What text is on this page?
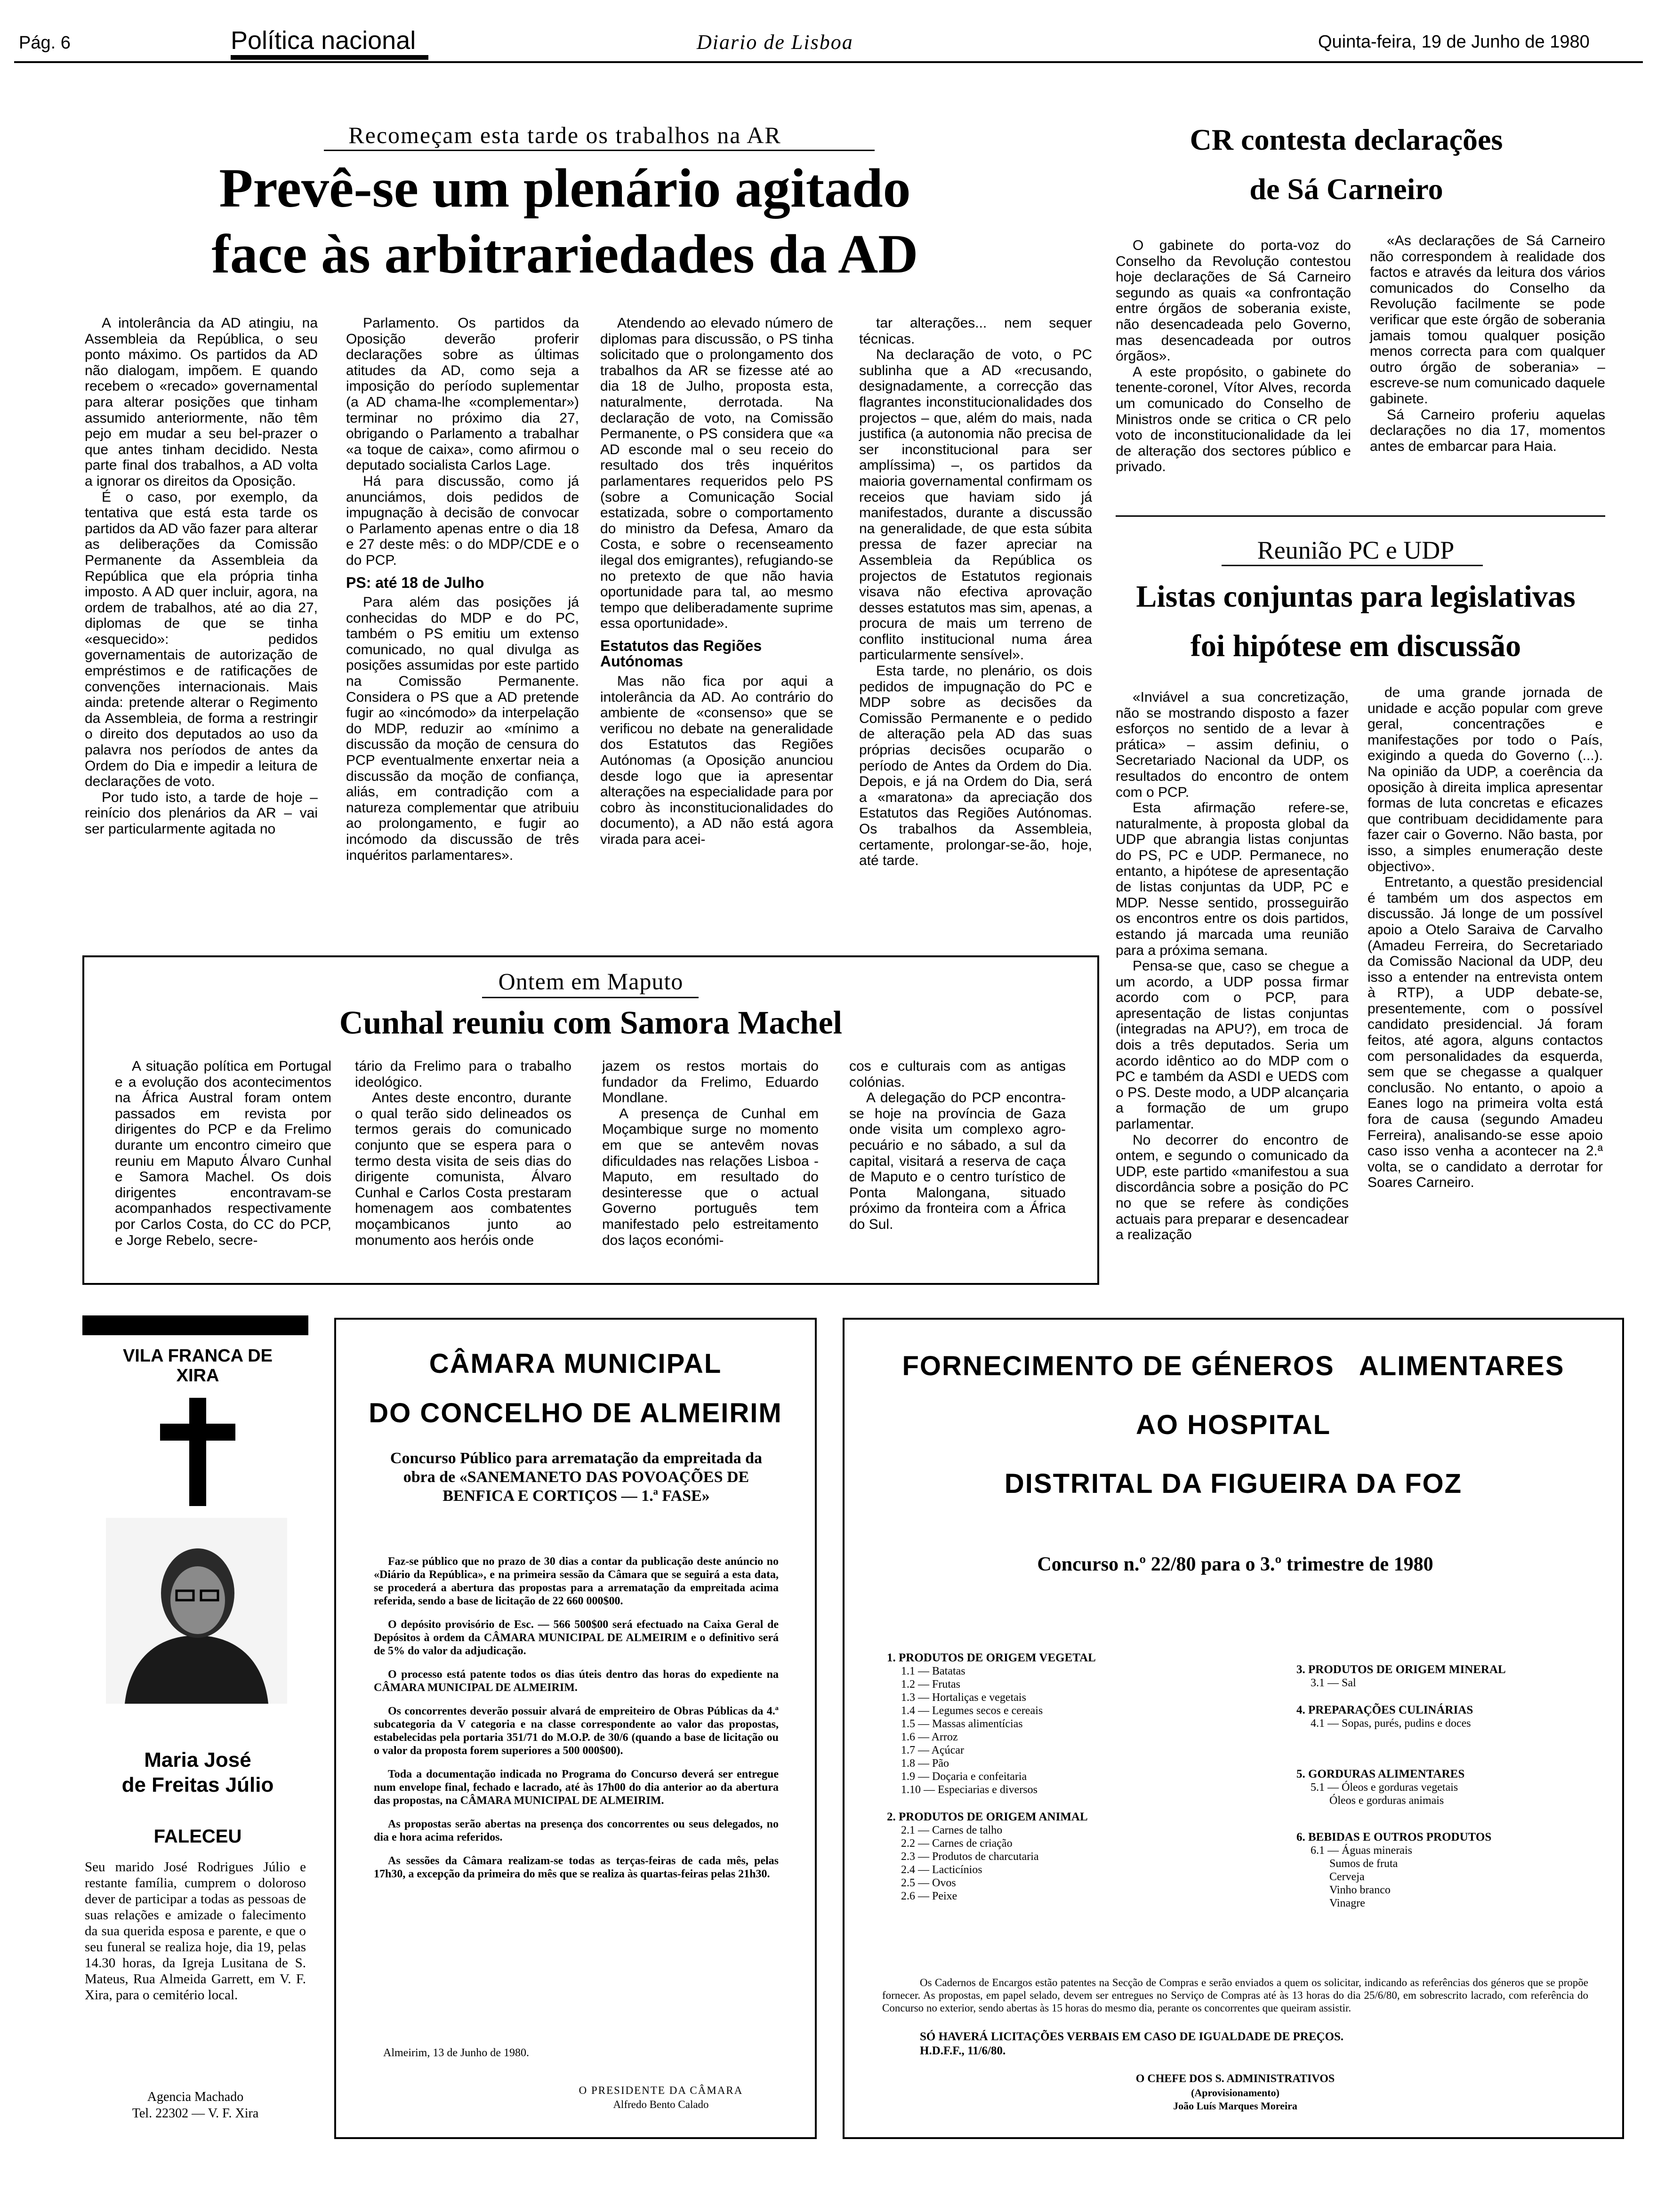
Pág. 6	Política nacional	Diario de Lisboa	Quinta-feira, 19 de Junho de 1980
Recomeçam esta tarde os trabalhos na AR
Prevê-se um plenário agitado
face às arbitrariedades da AD

A intolerância da AD atingiu, na Assembleia da República, o seu ponto máximo. Os partidos da AD não dialogam, impõem. E quando recebem o «recado» governamental para alterar posições que tinham assumido anteriormente, não têm pejo em mudar a seu bel-prazer o que antes tinham decidido. Nesta parte final dos trabalhos, a AD volta a ignorar os direitos da Oposição.

É o caso, por exemplo, da tentativa que está esta tarde os partidos da AD vão fazer para alterar as deliberações da Comissão Permanente da Assembleia da República que ela própria tinha imposto. A AD quer incluir, agora, na ordem de trabalhos, até ao dia 27, diplomas de que se tinha «esquecido»: pedidos governamentais de autorização de empréstimos e de ratificações de convenções internacionais. Mais ainda: pretende alterar o Regimento da Assembleia, de forma a restringir o direito dos deputados ao uso da palavra nos períodos de antes da Ordem do Dia e impedir a leitura de declarações de voto.

Por tudo isto, a tarde de hoje – reinício dos plenários da AR – vai ser particularmente agitada no

Parlamento. Os partidos da Oposição deverão proferir declarações sobre as últimas atitudes da AD, como seja a imposição do período suplementar (a AD chama-lhe «complementar») terminar no próximo dia 27, obrigando o Parlamento a trabalhar «a toque de caixa», como afirmou o deputado socialista Carlos Lage.

Há para discussão, como já anunciámos, dois pedidos de impugnação à decisão de convocar o Parlamento apenas entre o dia 18 e 27 deste mês: o do MDP/CDE e o do PCP.

PS: até 18 de Julho

Para além das posições já conhecidas do MDP e do PC, também o PS emitiu um extenso comunicado, no qual divulga as posições assumidas por este partido na Comissão Permanente. Considera o PS que a AD pretende fugir ao «incómodo» da interpelação do MDP, reduzir ao «mínimo a discussão da moção de censura do PCP eventualmente enxertar neia a discussão da moção de confiança, aliás, em contradição com a natureza complementar que atribuiu ao prolongamento, e fugir ao incómodo da discussão de três inquéritos parlamentares».

Atendendo ao elevado número de diplomas para discussão, o PS tinha solicitado que o prolongamento dos trabalhos da AR se fizesse até ao dia 18 de Julho, proposta esta, naturalmente, derrotada. Na declaração de voto, na Comissão Permanente, o PS considera que «a AD esconde mal o seu receio do resultado dos três inquéritos parlamentares requeridos pelo PS (sobre a Comunicação Social estatizada, sobre o comportamento do ministro da Defesa, Amaro da Costa, e sobre o recenseamento ilegal dos emigrantes), refugiando-se no pretexto de que não havia oportunidade para tal, ao mesmo tempo que deliberadamente suprime essa oportunidade».

Estatutos das Regiões Autónomas

Mas não fica por aqui a intolerância da AD. Ao contrário do ambiente de «consenso» que se verificou no debate na generalidade dos Estatutos das Regiões Autónomas (a Oposição anunciou desde logo que ia apresentar alterações na especialidade para por cobro às inconstitucionalidades do documento), a AD não está agora virada para acei-

tar alterações... nem sequer técnicas.

Na declaração de voto, o PC sublinha que a AD «recusando, designadamente, a correcção das flagrantes inconstitucionalidades dos projectos – que, além do mais, nada justifica (a autonomia não precisa de ser inconstitucional para ser amplíssima) –, os partidos da maioria governamental confirmam os receios que haviam sido já manifestados, durante a discussão na generalidade, de que esta súbita pressa de fazer apreciar na Assembleia da República os projectos de Estatutos regionais visava não efectiva aprovação desses estatutos mas sim, apenas, a procura de mais um terreno de conflito institucional numa área particularmente sensível».

Esta tarde, no plenário, os dois pedidos de impugnação do PC e MDP sobre as decisões da Comissão Permanente e o pedido de alteração pela AD das suas próprias decisões ocuparão o período de Antes da Ordem do Dia. Depois, e já na Ordem do Dia, será a «maratona» da apreciação dos Estatutos das Regiões Autónomas. Os trabalhos da Assembleia, certamente, prolongar-se-ão, hoje, até tarde.

CR contesta declarações
de Sá Carneiro

O gabinete do porta-voz do Conselho da Revolução contestou hoje declarações de Sá Carneiro segundo as quais «a confrontação entre órgãos de soberania existe, não desencadeada pelo Governo, mas desencadeada por outros órgãos».

A este propósito, o gabinete do tenente-coronel, Vítor Alves, recorda um comunicado do Conselho de Ministros onde se critica o CR pelo voto de inconstitucionalidade da lei de alteração dos sectores público e privado.

«As declarações de Sá Carneiro não correspondem à realidade dos factos e através da leitura dos vários comunicados do Conselho da Revolução facilmente se pode verificar que este órgão de soberania jamais tomou qualquer posição menos correcta para com qualquer outro órgão de soberania» – escreve-se num comunicado daquele gabinete.

Sá Carneiro proferiu aquelas declarações no dia 17, momentos antes de embarcar para Haia.

Reunião PC e UDP
Listas conjuntas para legislativas
foi hipótese em discussão

«Inviável a sua concretização, não se mostrando disposto a fazer esforços no sentido de a levar à prática» – assim definiu, o Secretariado Nacional da UDP, os resultados do encontro de ontem com o PCP.

Esta afirmação refere-se, naturalmente, à proposta global da UDP que abrangia listas conjuntas do PS, PC e UDP. Permanece, no entanto, a hipótese de apresentação de listas conjuntas da UDP, PC e MDP. Nesse sentido, prosseguirão os encontros entre os dois partidos, estando já marcada uma reunião para a próxima semana.

Pensa-se que, caso se chegue a um acordo, a UDP possa firmar acordo com o PCP, para apresentação de listas conjuntas (integradas na APU?), em troca de dois a três deputados. Seria um acordo idêntico ao do MDP com o PC e também da ASDI e UEDS com o PS. Deste modo, a UDP alcançaria a formação de um grupo parlamentar.

No decorrer do encontro de ontem, e segundo o comunicado da UDP, este partido «manifestou a sua discordância sobre a posição do PC no que se refere às condições actuais para preparar e desencadear a realização

de uma grande jornada de unidade e acção popular com greve geral, concentrações e manifestações por todo o País, exigindo a queda do Governo (...). Na opinião da UDP, a coerência da oposição à direita implica apresentar formas de luta concretas e eficazes que contribuam decididamente para fazer cair o Governo. Não basta, por isso, a simples enumeração deste objectivo».

Entretanto, a questão presidencial é também um dos aspectos em discussão. Já longe de um possível apoio a Otelo Saraiva de Carvalho (Amadeu Ferreira, do Secretariado da Comissão Nacional da UDP, deu isso a entender na entrevista ontem à RTP), a UDP debate-se, presentemente, com o possível candidato presidencial. Já foram feitos, até agora, alguns contactos com personalidades da esquerda, sem que se chegasse a qualquer conclusão. No entanto, o apoio a Eanes logo na primeira volta está fora de causa (segundo Amadeu Ferreira), analisando-se esse apoio caso isso venha a acontecer na 2.ª volta, se o candidato a derrotar for Soares Carneiro.

Ontem em Maputo
Cunhal reuniu com Samora Machel

A situação política em Portugal e a evolução dos acontecimentos na África Austral foram ontem passados em revista por dirigentes do PCP e da Frelimo durante um encontro cimeiro que reuniu em Maputo Álvaro Cunhal e Samora Machel. Os dois dirigentes encontravam-se acompanhados respectivamente por Carlos Costa, do CC do PCP, e Jorge Rebelo, secre-

tário da Frelimo para o trabalho ideológico.

Antes deste encontro, durante o qual terão sido delineados os termos gerais do comunicado conjunto que se espera para o termo desta visita de seis dias do dirigente comunista, Álvaro Cunhal e Carlos Costa prestaram homenagem aos combatentes moçambicanos junto ao monumento aos heróis onde

jazem os restos mortais do fundador da Frelimo, Eduardo Mondlane.

A presença de Cunhal em Moçambique surge no momento em que se antevêm novas dificuldades nas relações Lisboa - Maputo, em resultado do desinteresse que o actual Governo português tem manifestado pelo estreitamento dos laços económi-

cos e culturais com as antigas colónias.

A delegação do PCP encontra-se hoje na província de Gaza onde visita um complexo agro-pecuário e no sábado, a sul da capital, visitará a reserva de caça de Maputo e o centro turístico de Ponta Malongana, situado próximo da fronteira com a África do Sul.

VILA FRANCA DE XIRA
Maria José
de Freitas Júlio
FALECEU
Seu marido José Rodrigues Júlio e restante família, cumprem o doloroso dever de participar a todas as pessoas de suas relações e amizade o falecimento da sua querida esposa e parente, e que o seu funeral se realiza hoje, dia 19, pelas 14.30 horas, da Igreja Lusitana de S. Mateus, Rua Almeida Garrett, em V. F. Xira, para o cemitério local.
Agencia Machado
Tel. 22302 — V. F. Xira
CÂMARA MUNICIPAL
DO CONCELHO DE ALMEIRIM
Concurso Público para arrematação da empreitada da obra de «SANEMANETO DAS POVOAÇÕES DE BENFICA E CORTIÇOS — 1.ª FASE»

Faz-se público que no prazo de 30 dias a contar da publicação deste anúncio no «Diário da República», e na primeira sessão da Câmara que se seguirá a esta data, se procederá a abertura das propostas para a arrematação da empreitada acima referida, sendo a base de licitação de 22 660 000$00.

O depósito provisório de Esc. — 566 500$00 será efectuado na Caixa Geral de Depósitos à ordem da CÂMARA MUNICIPAL DE ALMEIRIM e o definitivo será de 5% do valor da adjudicação.

O processo está patente todos os dias úteis dentro das horas do expediente na CÂMARA MUNICIPAL DE ALMEIRIM.

Os concorrentes deverão possuir alvará de empreiteiro de Obras Públicas da 4.ª subcategoria da V categoria e na classe correspondente ao valor das propostas, estabelecidas pela portaria 351/71 do M.O.P. de 30/6 (quando a base de licitação ou o valor da proposta forem superiores a 500 000$00).

Toda a documentação indicada no Programa do Concurso deverá ser entregue num envelope final, fechado e lacrado, até às 17h00 do dia anterior ao da abertura das propostas, na CÂMARA MUNICIPAL DE ALMEIRIM.

As propostas serão abertas na presença dos concorrentes ou seus delegados, no dia e hora acima referidos.

As sessões da Câmara realizam-se todas as terças-feiras de cada mês, pelas 17h30, a excepção da primeira do mês que se realiza às quartas-feiras pelas 21h30.

Almeirim, 13 de Junho de 1980.
O PRESIDENTE DA CÂMARA
Alfredo Bento Calado
FORNECIMENTO DE GÉNEROS   ALIMENTARES
AO HOSPITAL
DISTRITAL DA FIGUEIRA DA FOZ
Concurso n.º 22/80 para o 3.º trimestre de 1980
1. PRODUTOS DE ORIGEM VEGETAL
1.1 — Batatas
1.2 — Frutas
1.3 — Hortaliças e vegetais
1.4 — Legumes secos e cereais
1.5 — Massas alimentícias
1.6 — Arroz
1.7 — Açúcar
1.8 — Pão
1.9 — Doçaria e confeitaria
1.10 — Especiarias e diversos
2. PRODUTOS DE ORIGEM ANIMAL
2.1 — Carnes de talho
2.2 — Carnes de criação
2.3 — Produtos de charcutaria
2.4 — Lacticínios
2.5 — Ovos
2.6 — Peixe
3. PRODUTOS DE ORIGEM MINERAL
3.1 — Sal
4. PREPARAÇÕES CULINÁRIAS
4.1 — Sopas, purés, pudins e doces
5. GORDURAS ALIMENTARES
5.1 — Óleos e gorduras vegetais
Óleos e gorduras animais
6. BEBIDAS E OUTROS PRODUTOS
6.1 — Águas minerais
Sumos de fruta
Cerveja
Vinho branco
Vinagre
Os Cadernos de Encargos estão patentes na Secção de Compras e serão enviados a quem os solicitar, indicando as referências dos géneros que se propõe fornecer. As propostas, em papel selado, devem ser entregues no Serviço de Compras até às 13 horas do dia 25/6/80, em sobrescrito lacrado, com referência do Concurso no exterior, sendo abertas às 15 horas do mesmo dia, perante os concorrentes que queiram assistir.
SÓ HAVERÁ LICITAÇÕES VERBAIS EM CASO DE IGUALDADE DE PREÇOS.
H.D.F.F., 11/6/80.
O CHEFE DOS S. ADMINISTRATIVOS
(Aprovisionamento)
João Luís Marques Moreira
